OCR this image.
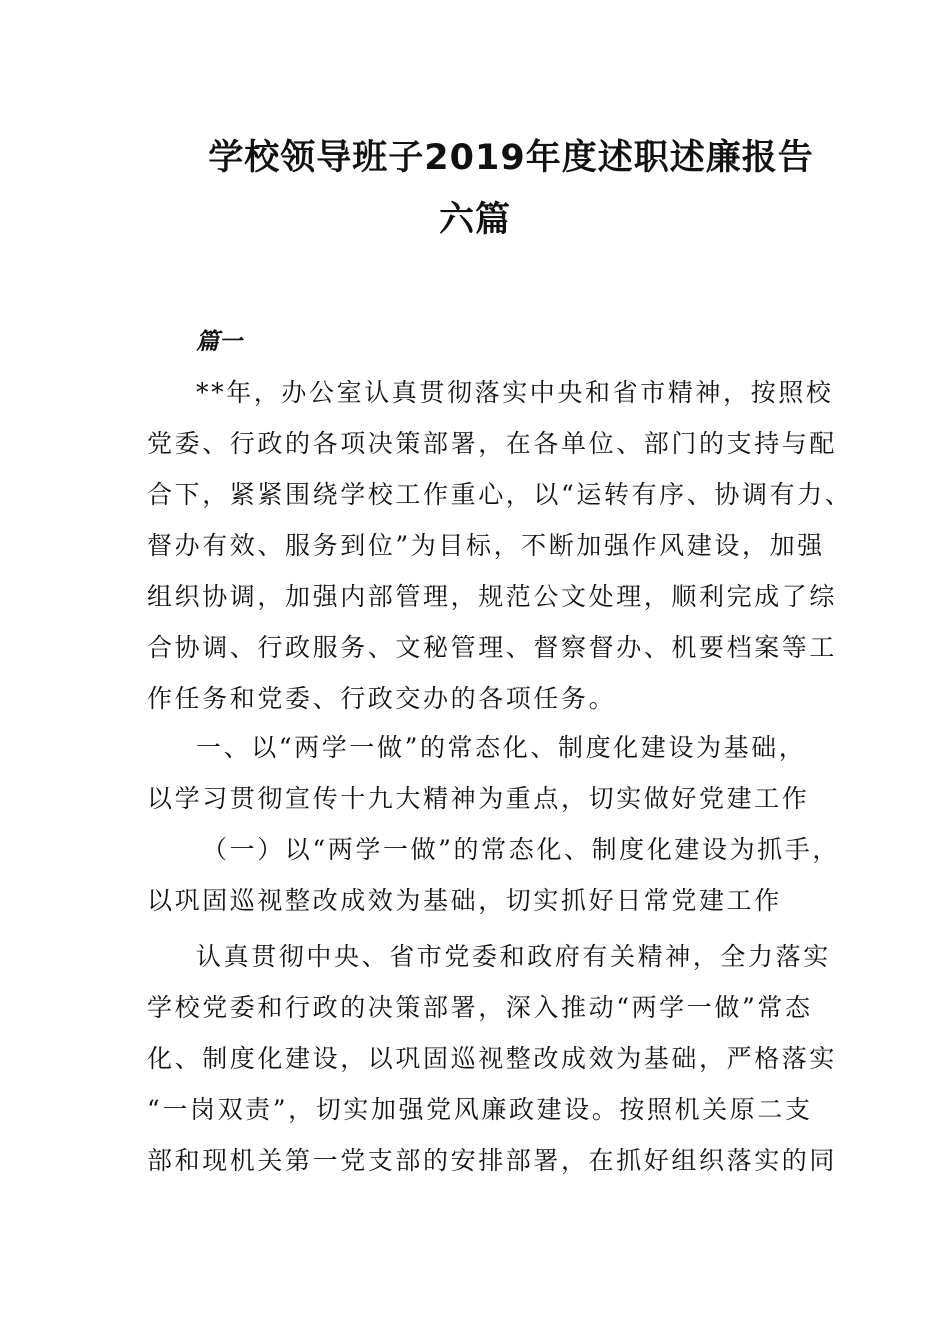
学校领导班子2019年度述职述廉报告
六篇
篇一
**年，办公室认真贯彻落实中央和省市精神，按照校
党委、行政的各项决策部署，在各单位、部门的支持与配
合下，紧紧围绕学校工作重心，以“运转有序、协调有力、
督办有效、服务到位”为目标，不断加强作风建设，加强
组织协调，加强内部管理，规范公文处理，顺利完成了综
合协调、行政服务、文秘管理、督察督办、机要档案等工
作任务和党委、行政交办的各项任务。
一、以“两学一做”的常态化、制度化建设为基础，
以学习贯彻宣传十九大精神为重点，切实做好党建工作
（一）以“两学一做”的常态化、制度化建设为抓手，
以巩固巡视整改成效为基础，切实抓好日常党建工作
认真贯彻中央、省市党委和政府有关精神，全力落实
学校党委和行政的决策部署，深入推动“两学一做”常态
化、制度化建设，以巩固巡视整改成效为基础，严格落实
“一岗双责”，切实加强党风廉政建设。按照机关原二支
部和现机关第一党支部的安排部署，在抓好组织落实的同
